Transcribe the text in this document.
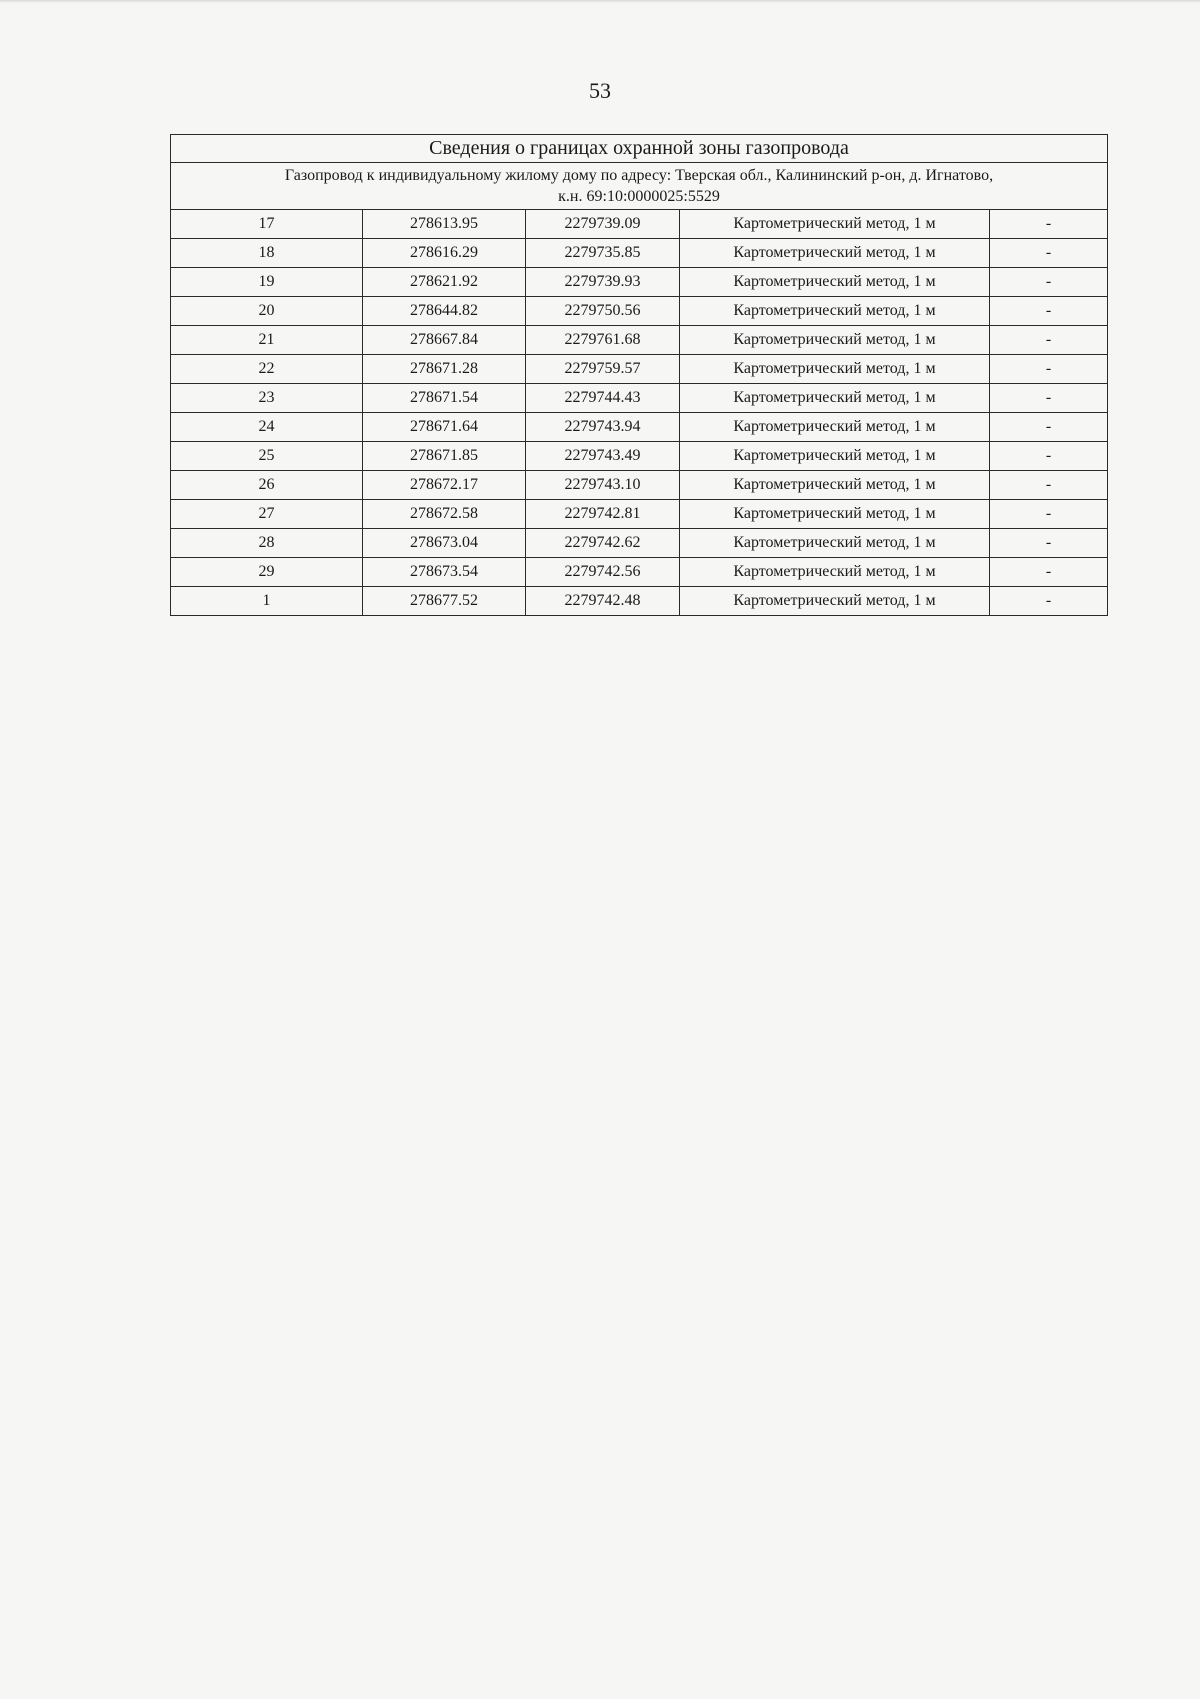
53
Сведения о границах охранной зоны газопровода				

Газопровод к индивидуальному жилому дому по адресу: Тверская обл., Калининский р-он, д. Игнатово,
к.н. 69:10:0000025:5529				

17	278613.95	2279739.09	Картометрический метод, 1 м	-
18	278616.29	2279735.85	Картометрический метод, 1 м	-
19	278621.92	2279739.93	Картометрический метод, 1 м	-
20	278644.82	2279750.56	Картометрический метод, 1 м	-
21	278667.84	2279761.68	Картометрический метод, 1 м	-
22	278671.28	2279759.57	Картометрический метод, 1 м	-
23	278671.54	2279744.43	Картометрический метод, 1 м	-
24	278671.64	2279743.94	Картометрический метод, 1 м	-
25	278671.85	2279743.49	Картометрический метод, 1 м	-
26	278672.17	2279743.10	Картометрический метод, 1 м	-
27	278672.58	2279742.81	Картометрический метод, 1 м	-
28	278673.04	2279742.62	Картометрический метод, 1 м	-
29	278673.54	2279742.56	Картометрический метод, 1 м	-
1	278677.52	2279742.48	Картометрический метод, 1 м	-
